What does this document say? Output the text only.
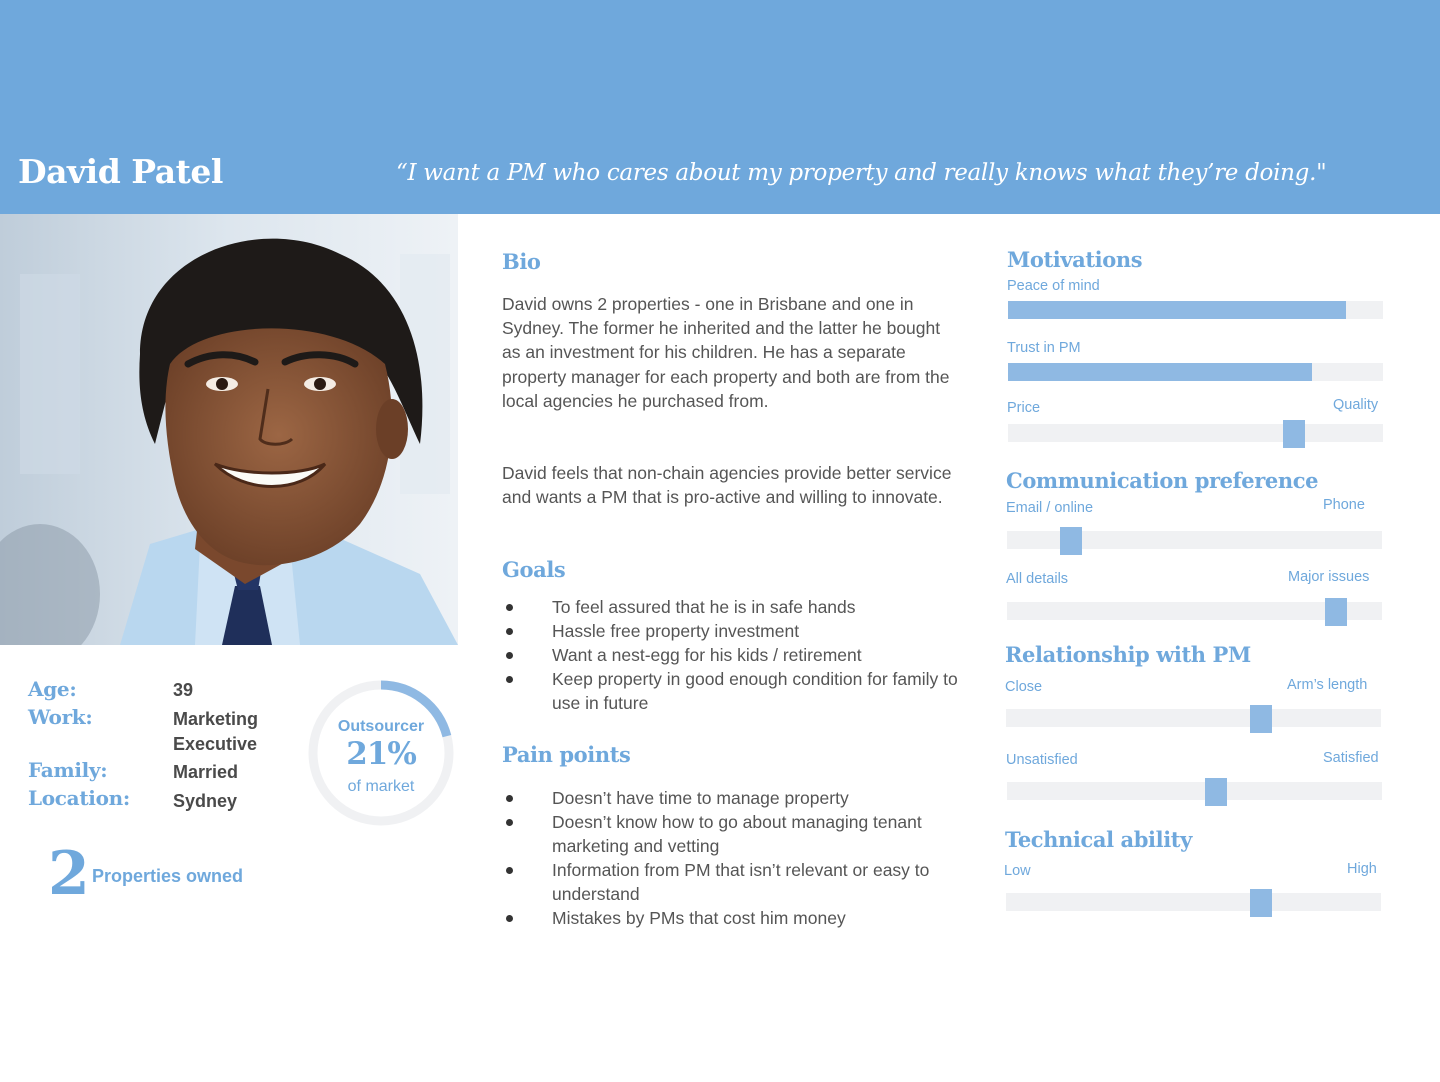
David Patel	“I want a PM who cares about my property and really knows what they’re doing."

Age:	39
Work:	Marketing
Executive
Family:	Married
Location: Sydney
Outsourcer
21%
of market
2 Properties owned
Bio

David owns 2 properties - one in Brisbane and one in Sydney. The former he inherited and the latter he bought as an investment for his children. He has a separate property manager for each property and both are from the local agencies he purchased from.

David feels that non-chain agencies provide better service and wants a PM that is pro-active and willing to innovate.

Goals
To feel assured that he is in safe hands
Hassle free property investment
Want a nest-egg for his kids / retirement
Keep property in good enough condition for family to use in future
Pain points
Doesn’t have time to manage property
Doesn’t know how to go about managing tenant marketing and vetting
Information from PM that isn’t relevant or easy to understand
Mistakes by PMs that cost him money
Motivations
Peace of mind
Trust in PM
Price	Quality
Communication preference
Email / online	Phone
All details	Major issues
Relationship with PM
Close	Arm’s length
Unsatisfied	Satisfied
Technical ability
Low	High
